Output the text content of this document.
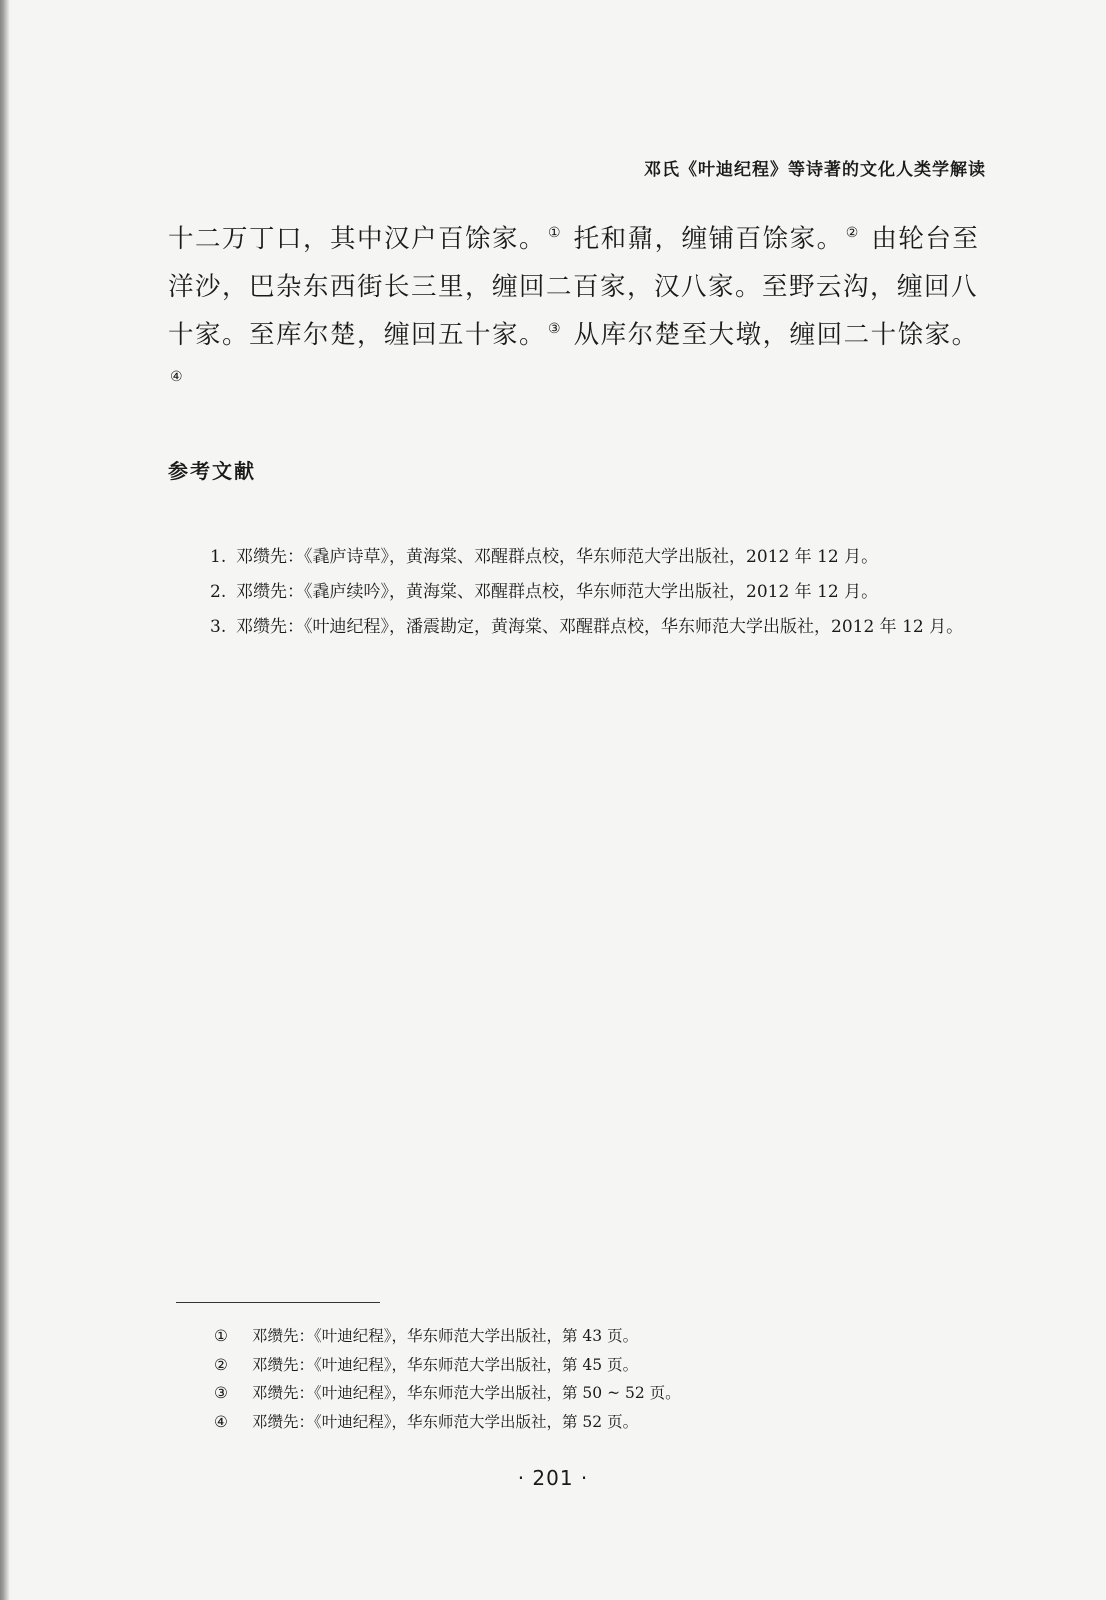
邓氏《叶迪纪程》等诗著的文化人类学解读
十二万丁口，其中汉户百馀家。 ① 托和鼐，缠铺百馀家。 ② 由轮台至洋沙，巴杂东西街长三里，缠回二百家，汉八家。至野云沟，缠回八十家。至库尔楚，缠回五十家。 ③ 从库尔楚至大墩，缠回二十馀家。④
参考文献
1. 邓缵先：《毳庐诗草》，黄海棠、邓醒群点校，华东师范大学出版社，2012 年 12 月。
2. 邓缵先：《毳庐续吟》，黄海棠、邓醒群点校，华东师范大学出版社，2012 年 12 月。
3. 邓缵先：《叶迪纪程》，潘震勘定，黄海棠、邓醒群点校，华东师范大学出版社，2012 年 12 月。
①	邓缵先：《叶迪纪程》，华东师范大学出版社，第 43 页。
②	邓缵先：《叶迪纪程》，华东师范大学出版社，第 45 页。
③	邓缵先：《叶迪纪程》，华东师范大学出版社，第 50 ~ 52 页。
④	邓缵先：《叶迪纪程》，华东师范大学出版社，第 52 页。
· 201 ·
